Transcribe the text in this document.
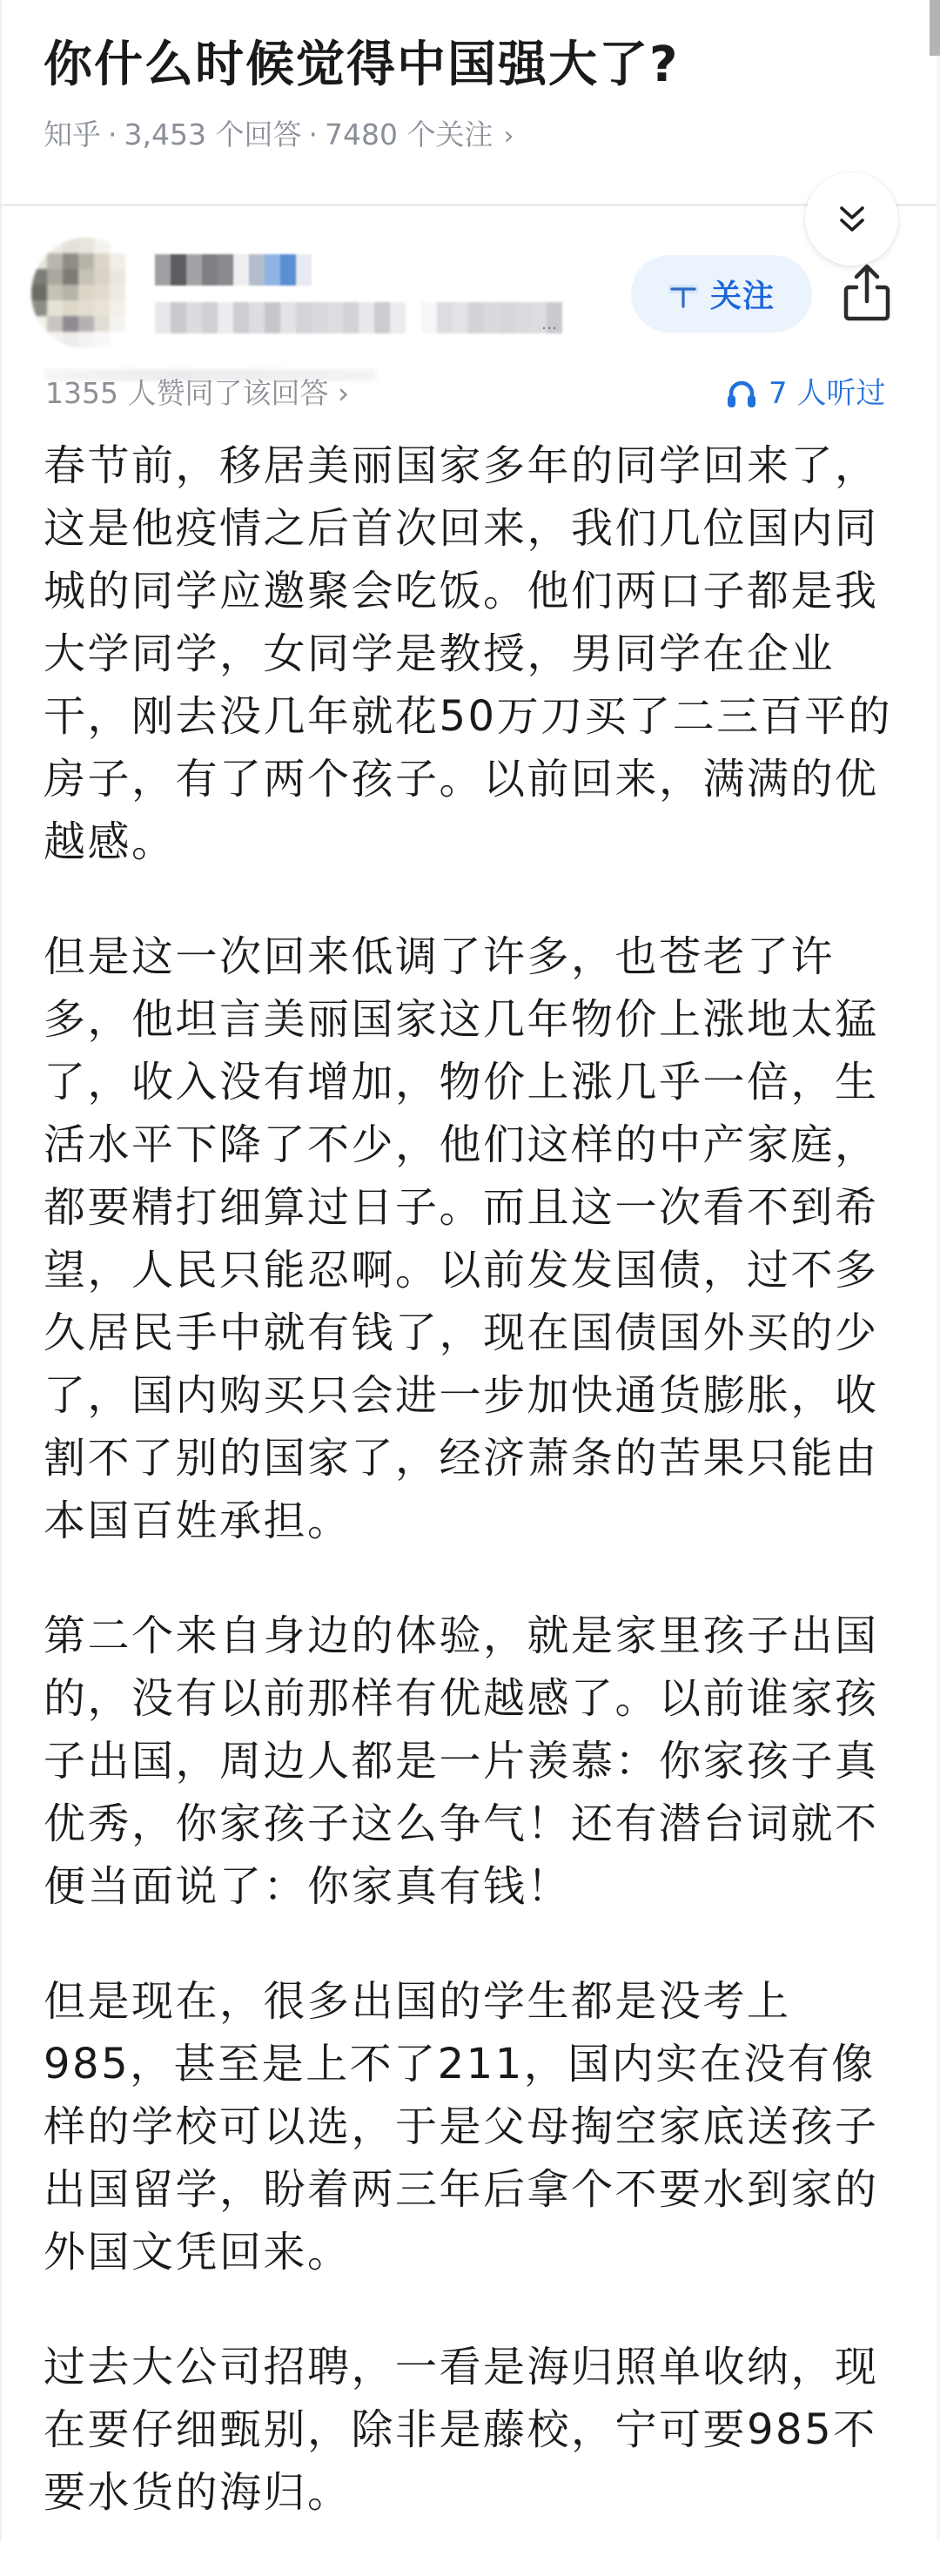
你什么时候觉得中国强大了?
知乎 · 3,453 个回答 · 7480 个关注 ›
…
关注
1355 人赞同了该回答 ›	7 人听过
春节前，移居美丽国家多年的同学回来了，
这是他疫情之后首次回来，我们几位国内同
城的同学应邀聚会吃饭。他们两口子都是我
大学同学，女同学是教授，男同学在企业
干，刚去没几年就花50万刀买了二三百平的
房子，有了两个孩子。以前回来，满满的优
越感。
但是这一次回来低调了许多，也苍老了许
多，他坦言美丽国家这几年物价上涨地太猛
了，收入没有增加，物价上涨几乎一倍，生
活水平下降了不少，他们这样的中产家庭，
都要精打细算过日子。而且这一次看不到希
望，人民只能忍啊。以前发发国债，过不多
久居民手中就有钱了，现在国债国外买的少
了，国内购买只会进一步加快通货膨胀，收
割不了别的国家了，经济萧条的苦果只能由
本国百姓承担。
第二个来自身边的体验，就是家里孩子出国
的，没有以前那样有优越感了。以前谁家孩
子出国，周边人都是一片羡慕：你家孩子真
优秀，你家孩子这么争气！还有潜台词就不
便当面说了：你家真有钱！
但是现在，很多出国的学生都是没考上
985，甚至是上不了211，国内实在没有像
样的学校可以选，于是父母掏空家底送孩子
出国留学，盼着两三年后拿个不要水到家的
外国文凭回来。
过去大公司招聘，一看是海归照单收纳，现
在要仔细甄别，除非是藤校，宁可要985不
要水货的海归。
